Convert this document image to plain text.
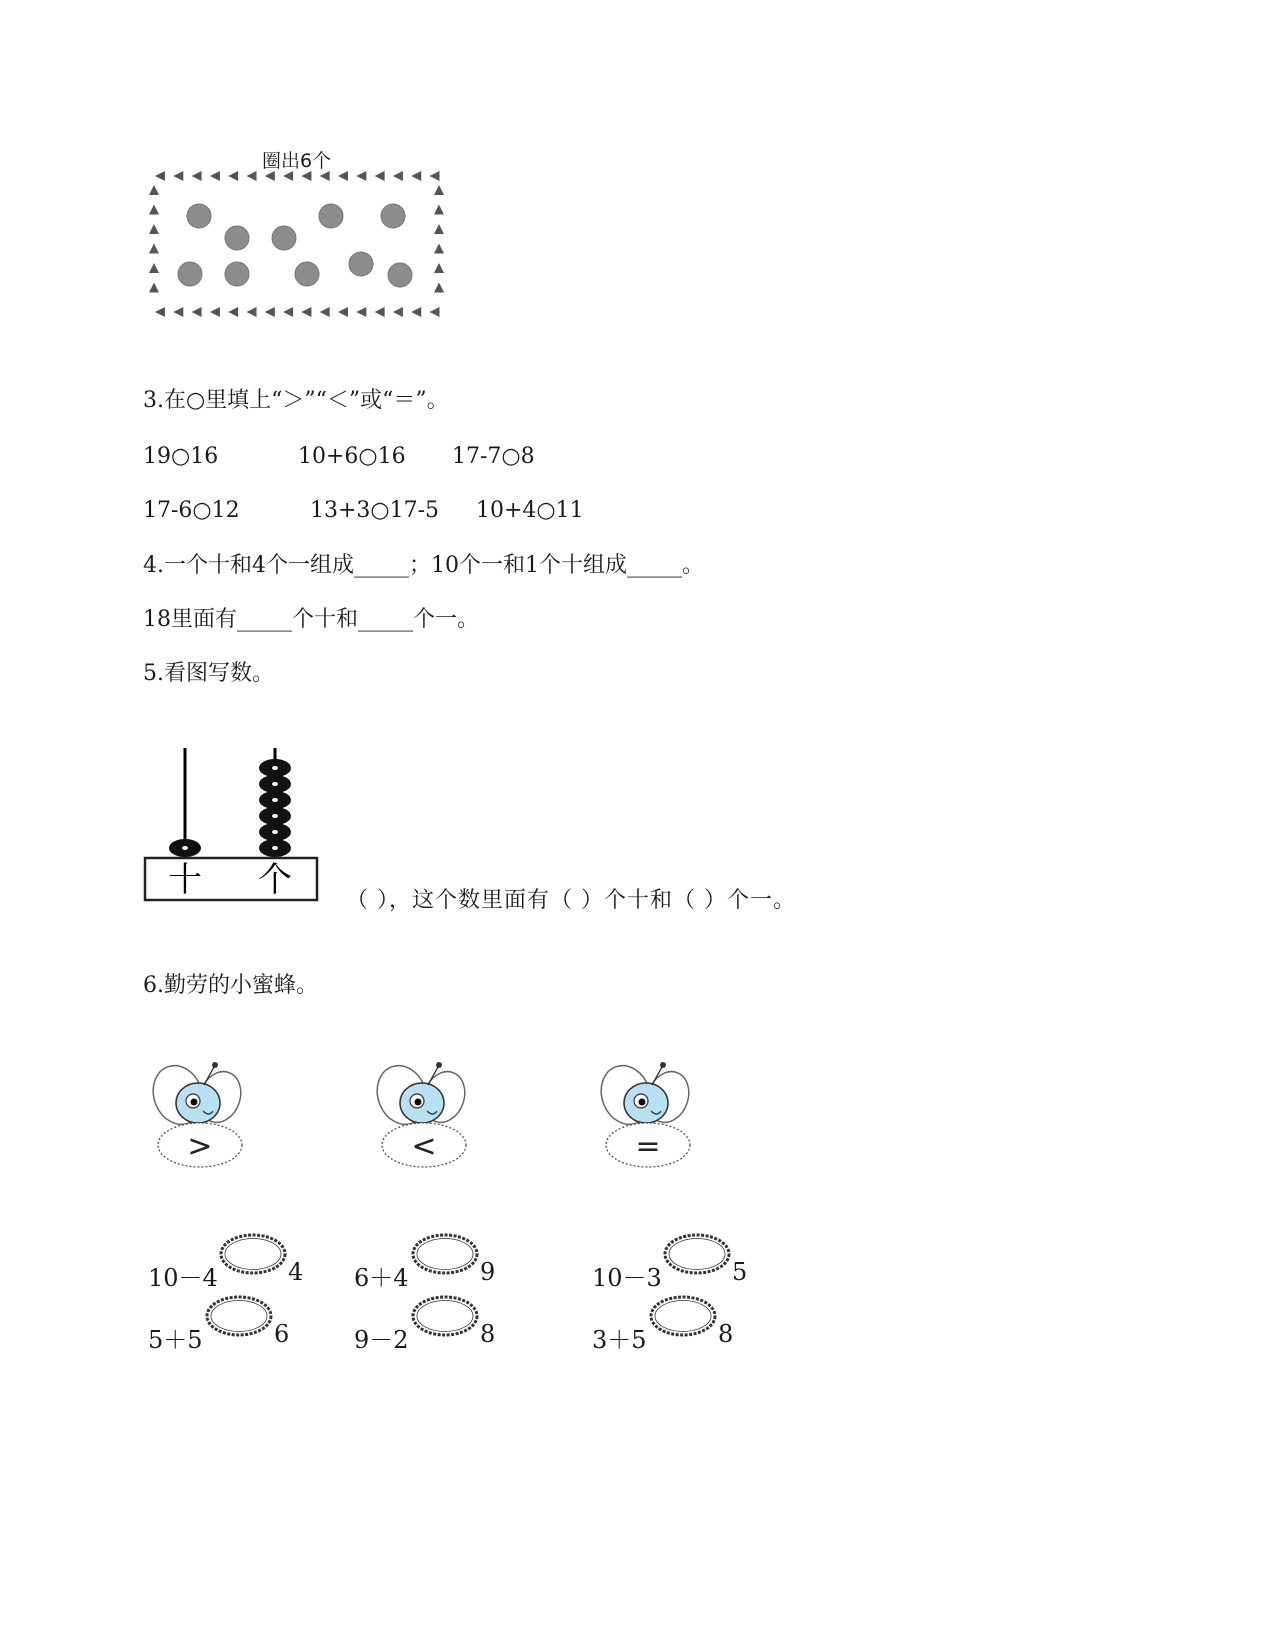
圈出6个
3.在○里填上“＞”“＜”或“＝”。
19○16	10+6○16 17-7○8
17-6○12	13+3○17-5 10+4○11
4.一个十和4个一组成_____；10个一和1个十组成_____。
18里面有_____个十和_____个一。
5.看图写数。
十 个
（ ），这个数里面有（ ）个十和（ ）个一。
6.勤劳的小蜜蜂。
>	<	=
10－4	4 6＋4	9	10－3	5
5＋5	6	9－2	8	3＋5	8
